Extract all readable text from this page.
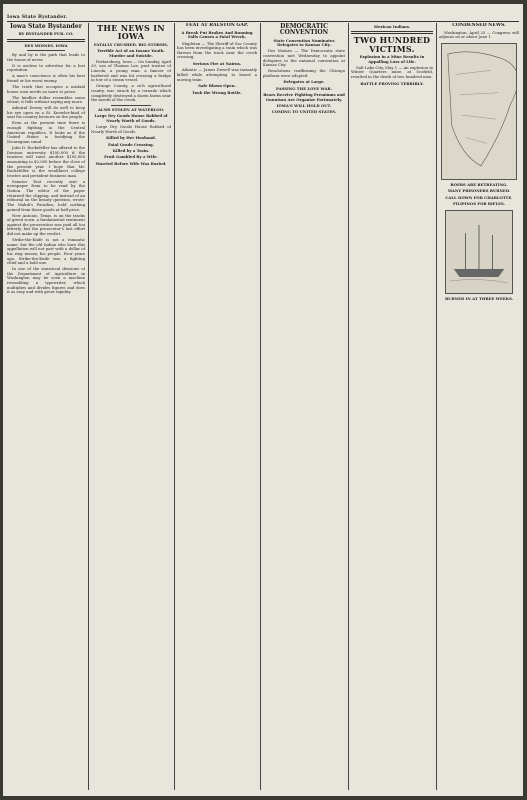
Iowa State Bystander.
Iowa State Bystander
BY BYSTANDER PUB. CO.
DES MOINES. IOWA

By and by is the path that leads to the house of never.

It is useless to advertise for a lost reputation.

A man's conscience is often his best friend or his worst enemy.

The truth that occupies a mislaid house soon needs no more to prove.

The kindlier dollar resembles some wheat; it falls without saying any more.

Admiral Dewey will do well to keep his eye open on a St. Knowles-kind of seat his country bestows on the people.

Even at the present time there is enough fighting in the Central American republics. It looks as if the United States is fortifying the Nicaraguan canal.

John D. Rockefeller has offered to the Denison university $100,000 if the trustees will raise another $100,000 amounting to $2,000 before the close of the present year. I hope that Mr. Rockefeller is the wealthiest college trustee and president business man.

Senator Teat recently sent a newspaper from to be read by the Nation. The editor of the paper returned the clipping, and instead of an editorial on the beauty question, wrote: The Mahdi's Paradise, hold nothing gained from these goods at half price.

New Antonio, Texas, is on the tracks of greed sown: a fundamental sentiment against the prosecution was paid all too bitterly, but the prosecutor's last effort did not make up the verdict.

Strike-the-Knife is not a romantic name, but the old Indian who bore this appellation will not part with a dollar of his ring money, his people. Four years ago, Strike-the-Knife was a fighting chief and a bold one.

In one of the statistical divisions of the Department of Agriculture in Washington may be seen a machine resembling a typewriter, which multiplies and divides figures and does it as easy and with great rapidity.

THE NEWS IN IOWA
FATALLY CRUSHED. BIG STORMS.
Terrible Act of an Insane Youth. Murder and Suicide.

Parkersburg, Iowa — On Sunday, April 29, son of Thomas Lee, past trustee of Lincoln, a young man, a fancier of barbered and was hit crossing a bridge in tow of a steam vessel.

Orange County, a rich agricultural county, was struck by a tornado which completely destroyed a dozen farms near the mouth of the creek.

ALMS STOLEN AT WATERLOO.
Large Dry Goods House Robbed of Nearly Worth of Goods.

Large Dry Goods House Robbed of Nearly Worth of Goods.

Killed by Her Husband.
Fatal Grade Crossing.
Killed by a Train.
Fruit Gambled By a Wife.
Married Before Wife Was Buried.
FEAT AT RALSTON GAP.
A Break Put Brakes And Running Falls Causes a Fatal Wreck.

Mapleton — The Sheriff of Sac County has been investigating a train which was thrown from the track near the creek crossing.

Serious Fire at Nairns.

Atlantic — James Dowell was instantly killed while attempting to board a moving train.

Safe Blown Open.
Took the Wrong Bottle.
DEMOCRATIC CONVENTION
State Convention Nominates Delegates to Kansas City.

Des Moines — The Democratic state convention met Wednesday to appoint delegates to the national convention at Kansas City.

Resolutions reaffirming the Chicago platform were adopted.

Delegates at Large.
PASSING THE LOVE WAR.
Bears Receive Fighting Premiums and Gunnison Are Organize Fortunately.
IOWA'S WILL HOLD OUT.
COMING TO UNITED STATES.
Mexican Indians.
TWO HUNDRED VICTIMS.
Explosion in a Mine Results in Appalling Loss of Life.

Salt Lake City, May 1 — An explosion in Winter Quarters mine, at Scofield, resulted in the death of two hundred men.

BATTLE PROVING TERRIBLY.
CONDENSED NEWS.

Washington, April 25 — Congress will adjourn on or about June 1.

BOERS ARE RETREATING.
MANY PRISONERS BURNED.
CALL DOWN FOR CHARLOTTE.
FILIPINOS FOR RIFLES.
BURNED IN AT THREE WEEKS.
